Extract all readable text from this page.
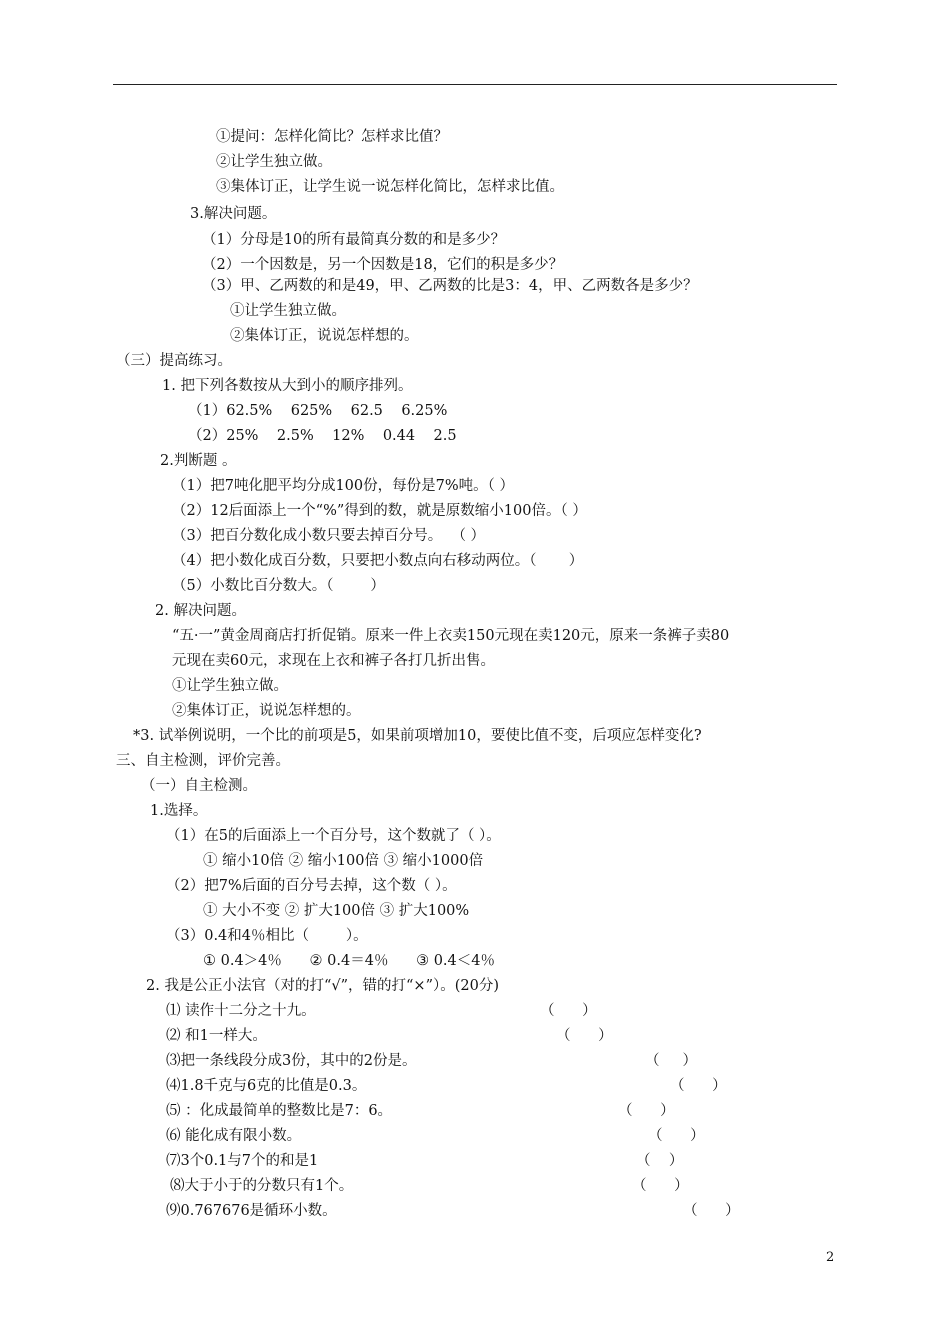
①提问：怎样化简比？怎样求比值？
②让学生独立做。
③集体订正，让学生说一说怎样化简比，怎样求比值。
3.解决问题。
（1）分母是10的所有最简真分数的和是多少？
（2）一个因数是，另一个因数是18，它们的积是多少？
（3）甲、乙两数的和是49，甲、乙两数的比是3：4，甲、乙两数各是多少？
①让学生独立做。
②集体订正，说说怎样想的。
（三）提高练习。
1. 把下列各数按从大到小的顺序排列。
（1）62.5%    625%    62.5    6.25%
（2）25%    2.5%    12%    0.44    2.5
2.判断题 。
（1）把7吨化肥平均分成100份，每份是7%吨。（ ）
（2）12后面添上一个“%”得到的数，就是原数缩小100倍。（ ）
（3）把百分数化成小数只要去掉百分号。  （ ）
（4）把小数化成百分数，只要把小数点向右移动两位。（       ）
（5）小数比百分数大。（        ）
2. 解决问题。
“五·一”黄金周商店打折促销。原来一件上衣卖150元现在卖120元，原来一条裤子卖80
元现在卖60元，求现在上衣和裤子各打几折出售。
①让学生独立做。
②集体订正，说说怎样想的。
*3. 试举例说明，一个比的前项是5，如果前项增加10，要使比值不变，后项应怎样变化?
三、自主检测，评价完善。
（一）自主检测。
1.选择。
（1）在5的后面添上一个百分号，这个数就了（ ）。
① 缩小10倍 ② 缩小100倍 ③ 缩小1000倍
（2）把7%后面的百分号去掉，这个数（ ）。
① 大小不变 ② 扩大100倍 ③ 扩大100%
（3）0.4和4％相比（        ）。
① 0.4＞4％      ② 0.4＝4％      ③ 0.4＜4％
2. 我是公正小法官（对的打“√”，错的打“×”）。(20分)
⑴ 读作十二分之十九。	（      ）
⑵ 和1一样大。	（      ）
⑶把一条线段分成3份，其中的2份是。	（     ）
⑷1.8千克与6克的比值是0.3。	（      ）
⑸ ：化成最简单的整数比是7：6。	（      ）
⑹ 能化成有限小数。	（      ）
⑺3个0.1与7个的和是1	（    ）
⑻大于小于的分数只有1个。	（      ）
⑼0.767676是循环小数。	（      ）
2
